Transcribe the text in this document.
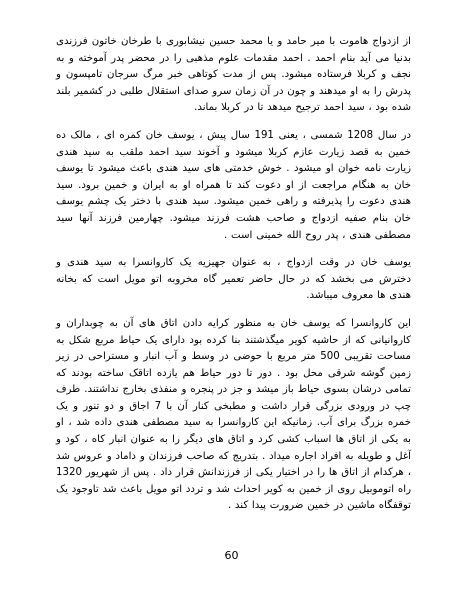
از ازدواج هاموت با میر حامد و یا محمد حسین نیشابوری با طرخان خاتون فرزندی بدنیا می آید بنام احمد . احمد مقدمات علوم مذهبی را در محضر پدر آموخته و به نجف و کربلا فرستاده میشود. پس از مدت کوتاهی خبر مرگ سرجان تامپسون و پدرش را به او میدهند و چون در آن زمان سرو صدای استقلال طلبی در کشمیر بلند شده بود ، سید احمد ترجیح میدهد تا در کربلا بماند.

در سال 1208 شمسی ، یعنی 191 سال پیش ، یوسف خان کمره ای ، مالک ده خمین به قصد زیارت عازم کربلا میشود و آخوند سید احمد ملقب به سید هندی زیارت نامه خوان او میشود . خوش خدمتی های سید هندی باعث میشود تا یوسف خان به هنگام مراجعت از او دعوت کند تا همراه او به ایران و خمین برود. سید هندی دعوت را پذیرفته و راهی خمین میشود. سید هندی با دختر یک چشم یوسف خان بنام صفیه ازدواج و صاحب هشت فرزند میشود. چهارمین فرزند آنها سید مصطفی هندی ، پدر روح الله خمینی است .

یوسف خان در وقت ازدواج ، به عنوان جهیزیه یک کاروانسرا به سید هندی و دخترش می بخشد که در حال حاضر تعمیر گاه مخروبه اتو مویل است که بخانه هندی ها معروف میباشد.

این کاروانسرا که یوسف خان به منظور کرایه دادن اتاق های آن به چوبداران و کاروانیانی که از حاشیه کویر میگذشتند بنا کرده بود دارای یک حیاط مربع شکل به مساحت تقریبی 500 متر مربع با حوضی در وسط و آب انبار و مستراحی در زیر زمین گوشه شرقی محل بود . دور تا دور حیاط هم یازده اتاقک ساخته بودند که تمامی درشان بسوی حیاط باز میشد و جز در پنجره و منفذی بخارج نداشتند. طرف چپ در ورودی بزرگی قرار داشت و مطبخی کنار آن با 7 اجاق و دو تنور و یک خمره بزرگ برای آب. زمانیکه این کاروانسرا به سید مصطفی هندی داده شد ، او به یکی از اتاق ها اسباب کشی کرد و اتاق های دیگر را به عنوان انبار کاه ، کود و آغل و طویله به افراد اجاره میداد . بتدریج که صاحب فرزندان و داماد و عروس شد ، هرکدام از اتاق ها را در اختیار یکی از فرزندانش قرار داد . پس از شهریور 1320 راه اتوموبیل روی از خمین به کویر احداث شد و تردد اتو مویل باعث شد تاوجود یک توقفگاه ماشین در خمین ضرورت پیدا کند .

60
